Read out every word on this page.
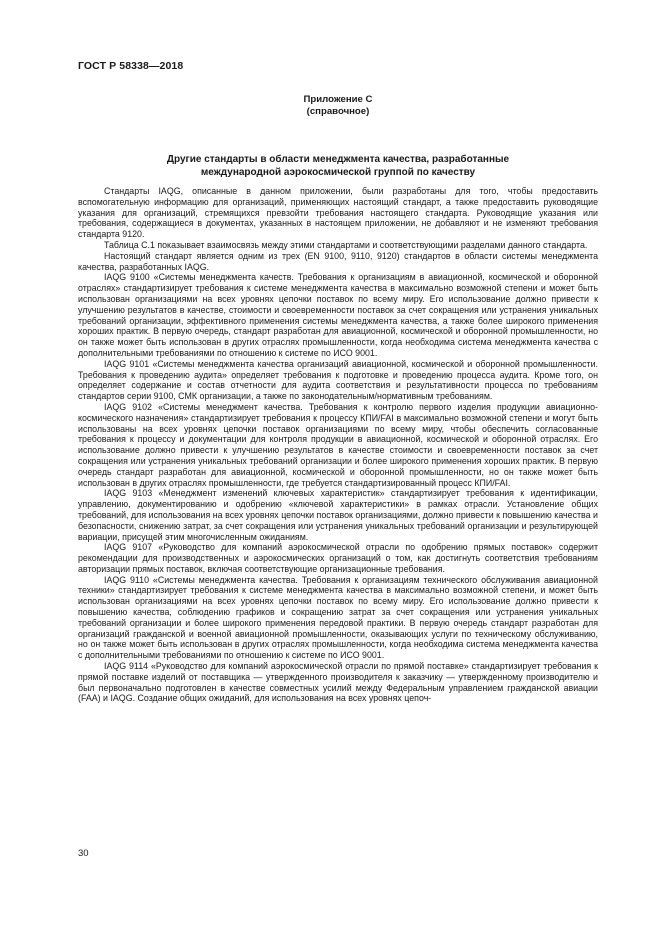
ГОСТ Р 58338—2018
Приложение С
(справочное)
Другие стандарты в области менеджмента качества, разработанные
международной аэрокосмической группой по качеству

Стандарты IAQG, описанные в данном приложении, были разработаны для того, чтобы предоставить вспомогательную информацию для организаций, применяющих настоящий стандарт, а также предоставить руководящие указания для организаций, стремящихся превзойти требования настоящего стандарта. Руководящие указания или требования, содержащиеся в документах, указанных в настоящем приложении, не добавляют и не изменяют требования стандарта 9120.

Таблица С.1 показывает взаимосвязь между этими стандартами и соответствующими разделами данного стандарта.

Настоящий стандарт является одним из трех (EN 9100, 9110, 9120) стандартов в области системы менеджмента качества, разработанных IAQG.

IAQG 9100 «Системы менеджмента качеств. Требования к организациям в авиационной, космической и оборонной отраслях» стандартизирует требования к системе менеджмента качества в максимально возможной степени и может быть использован организациями на всех уровнях цепочки поставок по всему миру. Его использование должно привести к улучшению результатов в качестве, стоимости и своевременности поставок за счет сокращения или устранения уникальных требований организации, эффективного применения системы менеджмента качества, а также более широкого применения хороших практик. В первую очередь, стандарт разработан для авиационной, космической и оборонной промышленности, но он также может быть использован в других отраслях промышленности, когда необходима система менеджмента качества с дополнительными требованиями по отношению к системе по ИСО 9001.

IAQG 9101 «Системы менеджмента качества организаций авиационной, космической и оборонной промышленности. Требования к проведению аудита» определяет требования к подготовке и проведению процесса аудита. Кроме того, он определяет содержание и состав отчетности для аудита соответствия и результативности процесса по требованиям стандартов серии 9100, СМК организации, а также по законодательным/нормативным требованиям.

IAQG 9102 «Системы менеджмент качества. Требования к контролю первого изделия продукции авиационно-космического назначения» стандартизирует требования к процессу КПИ/FAI в максимально возможной степени и могут быть использованы на всех уровнях цепочки поставок организациями по всему миру, чтобы обеспечить согласованные требования к процессу и документации для контроля продукции в авиационной, космической и оборонной отраслях. Его использование должно привести к улучшению результатов в качестве стоимости и своевременности поставок за счет сокращения или устранения уникальных требований организации и более широкого применения хороших практик. В первую очередь стандарт разработан для авиационной, космической и оборонной промышленности, но он также может быть использован в других отраслях промышленности, где требуется стандартизированный процесс КПИ/FAI.

IAQG 9103 «Менеджмент изменений ключевых характеристик» стандартизирует требования к идентификации, управлению, документированию и одобрению «ключевой характеристики» в рамках отрасли. Установление общих требований, для использования на всех уровнях цепочки поставок организациями, должно привести к повышению качества и безопасности, снижению затрат, за счет сокращения или устранения уникальных требований организации и результирующей вариации, присущей этим многочисленным ожиданиям.

IAQG 9107 «Руководство для компаний аэрокосмической отрасли по одобрению прямых поставок» содержит рекомендации для производственных и аэрокосмических организаций о том, как достигнуть соответствия требованиям авторизации прямых поставок, включая соответствующие организационные требования.

IAQG 9110 «Системы менеджмента качества. Требования к организациям технического обслуживания авиационной техники» стандартизирует требования к системе менеджмента качества в максимально возможной степени, и может быть использован организациями на всех уровнях цепочки поставок по всему миру. Его использование должно привести к повышению качества, соблюдению графиков и сокращению затрат за счет сокращения или устранения уникальных требований организации и более широкого применения передовой практики. В первую очередь стандарт разработан для организаций гражданской и военной авиационной промышленности, оказывающих услуги по техническому обслуживанию, но он также может быть использован в других отраслях промышленности, когда необходима система менеджмента качества с дополнительными требованиями по отношению к системе по ИСО 9001.

IAQG 9114 «Руководство для компаний аэрокосмической отрасли по прямой поставке» стандартизирует требования к прямой поставке изделий от поставщика — утвержденного производителя к заказчику — утвержденному производителю и был первоначально подготовлен в качестве совместных усилий между Федеральным управлением гражданской авиации (FAA) и IAQG. Создание общих ожиданий, для использования на всех уровнях цепоч-

30
